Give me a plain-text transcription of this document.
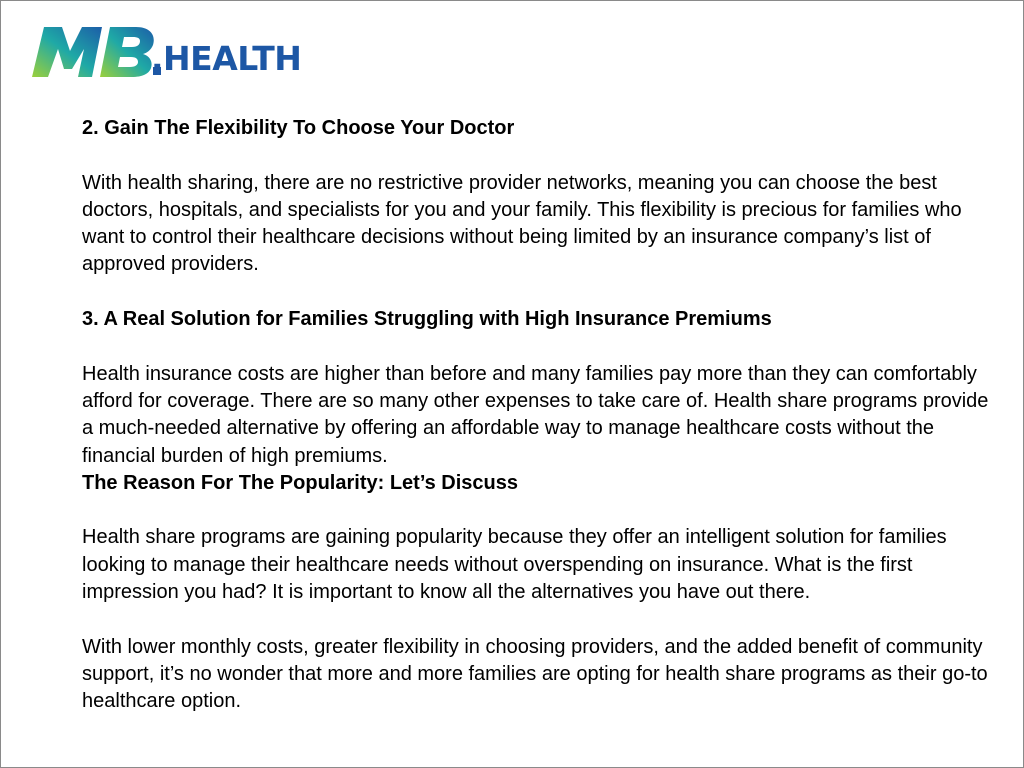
.HEALTH

2. Gain The Flexibility To Choose Your Doctor

With health sharing, there are no restrictive provider networks, meaning you can choose the best doctors, hospitals, and specialists for you and your family. This flexibility is precious for families who want to control their healthcare decisions without being limited by an insurance company’s list of approved providers.

3. A Real Solution for Families Struggling with High Insurance Premiums

Health insurance costs are higher than before and many families pay more than they can comfortably afford for coverage. There are so many other expenses to take care of. Health share programs provide a much-needed alternative by offering an affordable way to manage healthcare costs without the financial burden of high premiums.

The Reason For The Popularity: Let’s Discuss

Health share programs are gaining popularity because they offer an intelligent solution for families looking to manage their healthcare needs without overspending on insurance. What is the first impression you had? It is important to know all the alternatives you have out there.

With lower monthly costs, greater flexibility in choosing providers, and the added benefit of community support, it’s no wonder that more and more families are opting for health share programs as their go-to healthcare option.
